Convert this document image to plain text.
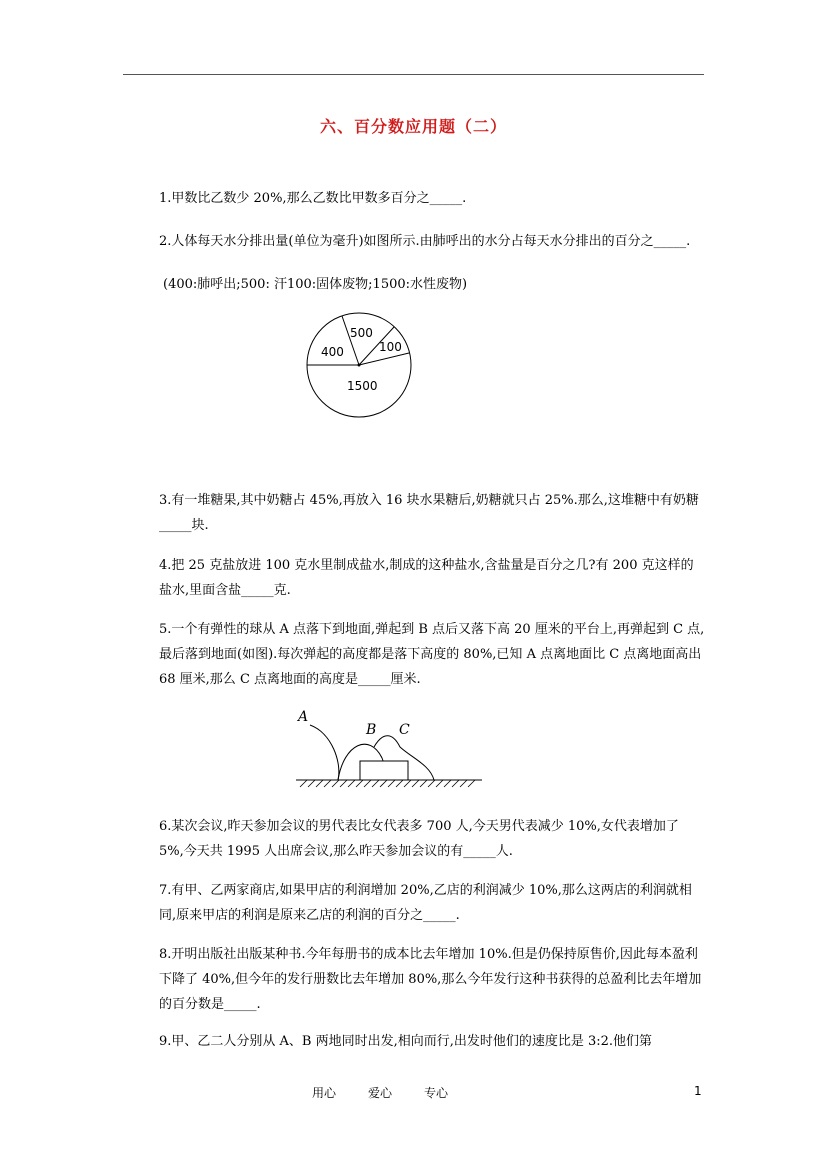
六、百分数应用题（二）
1.甲数比乙数少 20%,那么乙数比甲数多百分之_____.
2.人体每天水分排出量(单位为毫升)如图所示.由肺呼出的水分占每天水分排出的百分之_____.
(400:肺呼出;500: 汗100:固体废物;1500:水性废物)
400
500
100
1500
3.有一堆糖果,其中奶糖占 45%,再放入 16 块水果糖后,奶糖就只占 25%.那么,这堆糖中有奶糖_____块.
4.把 25 克盐放进 100 克水里制成盐水,制成的这种盐水,含盐量是百分之几?有 200 克这样的盐水,里面含盐_____克.
5.一个有弹性的球从 A 点落下到地面,弹起到 B 点后又落下高 20 厘米的平台上,再弹起到 C 点,最后落到地面(如图).每次弹起的高度都是落下高度的 80%,已知 A 点离地面比 C 点离地面高出 68 厘米,那么 C 点离地面的高度是_____厘米.
A
B C
6.某次会议,昨天参加会议的男代表比女代表多 700 人,今天男代表减少 10%,女代表增加了 5%,今天共 1995 人出席会议,那么昨天参加会议的有_____人.
7.有甲、乙两家商店,如果甲店的利润增加 20%,乙店的利润减少 10%,那么这两店的利润就相同,原来甲店的利润是原来乙店的利润的百分之_____.
8.开明出版社出版某种书.今年每册书的成本比去年增加 10%.但是仍保持原售价,因此每本盈利下降了 40%,但今年的发行册数比去年增加 80%,那么今年发行这种书获得的总盈利比去年增加的百分数是_____.
9.甲、乙二人分别从 A、B 两地同时出发,相向而行,出发时他们的速度比是 3:2.他们第
用心	爱心	专心	1
